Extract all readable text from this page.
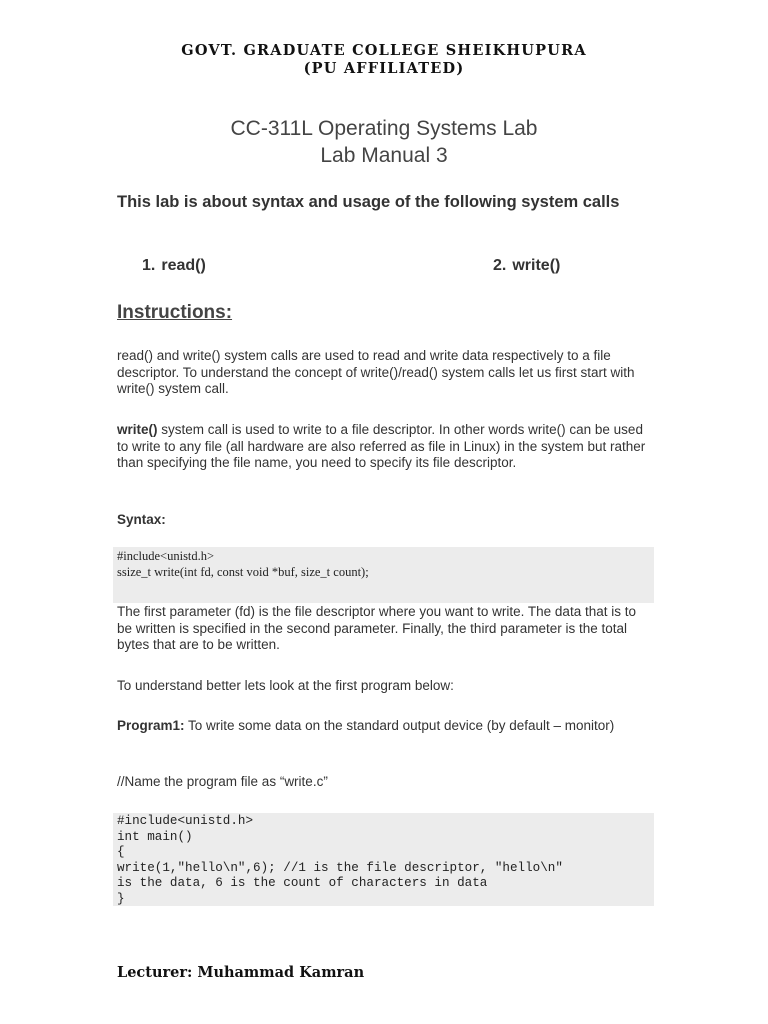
GOVT. GRADUATE COLLEGE SHEIKHUPURA
(PU AFFILIATED)
CC-311L Operating Systems Lab
Lab Manual 3
This lab is about syntax and usage of the following system calls
1. read()	2. write()
Instructions:
read() and write() system calls are used to read and write data respectively to a file descriptor. To understand the concept of write()/read() system calls let us first start with write() system call.
write() system call is used to write to a file descriptor. In other words write() can be used to write to any file (all hardware are also referred as file in Linux) in the system but rather than specifying the file name, you need to specify its file descriptor.
Syntax:
#include<unistd.h>
ssize_t write(int fd, const void *buf, size_t count);
The first parameter (fd) is the file descriptor where you want to write. The data that is to be written is specified in the second parameter. Finally, the third parameter is the total bytes that are to be written.
To understand better lets look at the first program below:
Program1: To write some data on the standard output device (by default – monitor)
//Name the program file as “write.c”
#include<unistd.h>
int main()
{
write(1,"hello\n",6); //1 is the file descriptor, "hello\n"
is the data, 6 is the count of characters in data
}
Lecturer: Muhammad Kamran
